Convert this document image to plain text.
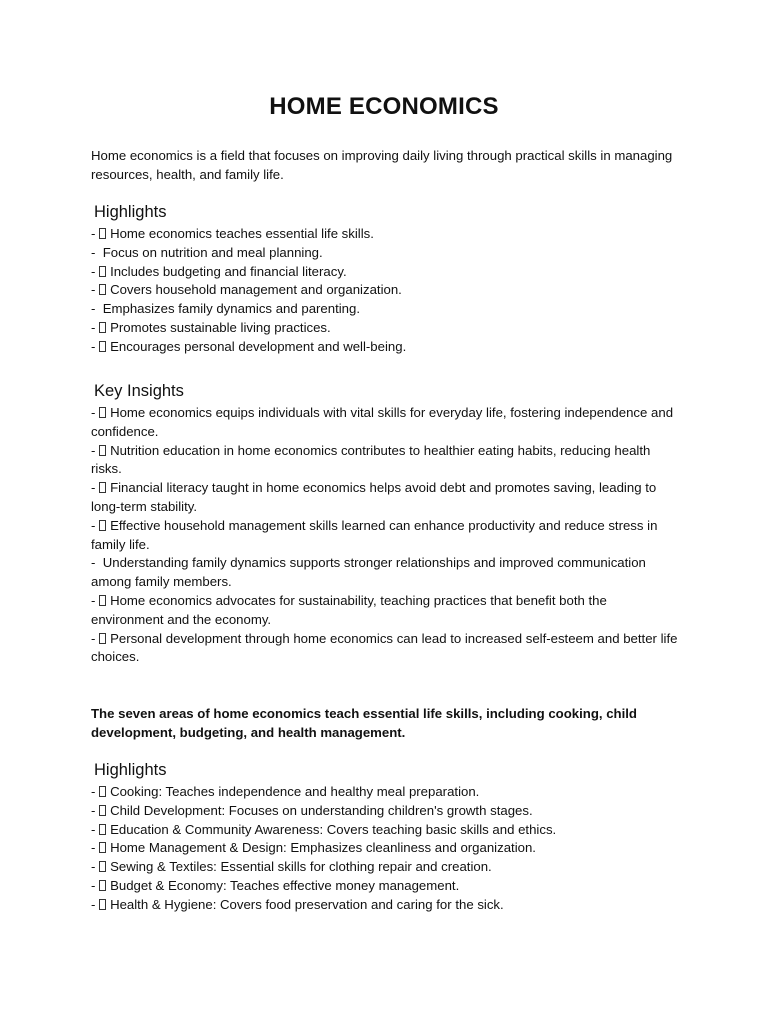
HOME ECONOMICS

Home economics is a field that focuses on improving daily living through practical skills in managing resources, health, and family life.

Highlights
- Home economics teaches essential life skills.
-  Focus on nutrition and meal planning.
- Includes budgeting and financial literacy.
- Covers household management and organization.
-  Emphasizes family dynamics and parenting.
- Promotes sustainable living practices.
- Encourages personal development and well-being.
Key Insights
- Home economics equips individuals with vital skills for everyday life, fostering independence and confidence.
- Nutrition education in home economics contributes to healthier eating habits, reducing health risks.
- Financial literacy taught in home economics helps avoid debt and promotes saving, leading to long-term stability.
- Effective household management skills learned can enhance productivity and reduce stress in family life.
-  Understanding family dynamics supports stronger relationships and improved communication among family members.
- Home economics advocates for sustainability, teaching practices that benefit both the environment and the economy.
- Personal development through home economics can lead to increased self-esteem and better life choices.

The seven areas of home economics teach essential life skills, including cooking, child development, budgeting, and health management.

Highlights
- Cooking: Teaches independence and healthy meal preparation.
- Child Development: Focuses on understanding children's growth stages.
- Education & Community Awareness: Covers teaching basic skills and ethics.
- Home Management & Design: Emphasizes cleanliness and organization.
- Sewing & Textiles: Essential skills for clothing repair and creation.
- Budget & Economy: Teaches effective money management.
- Health & Hygiene: Covers food preservation and caring for the sick.
